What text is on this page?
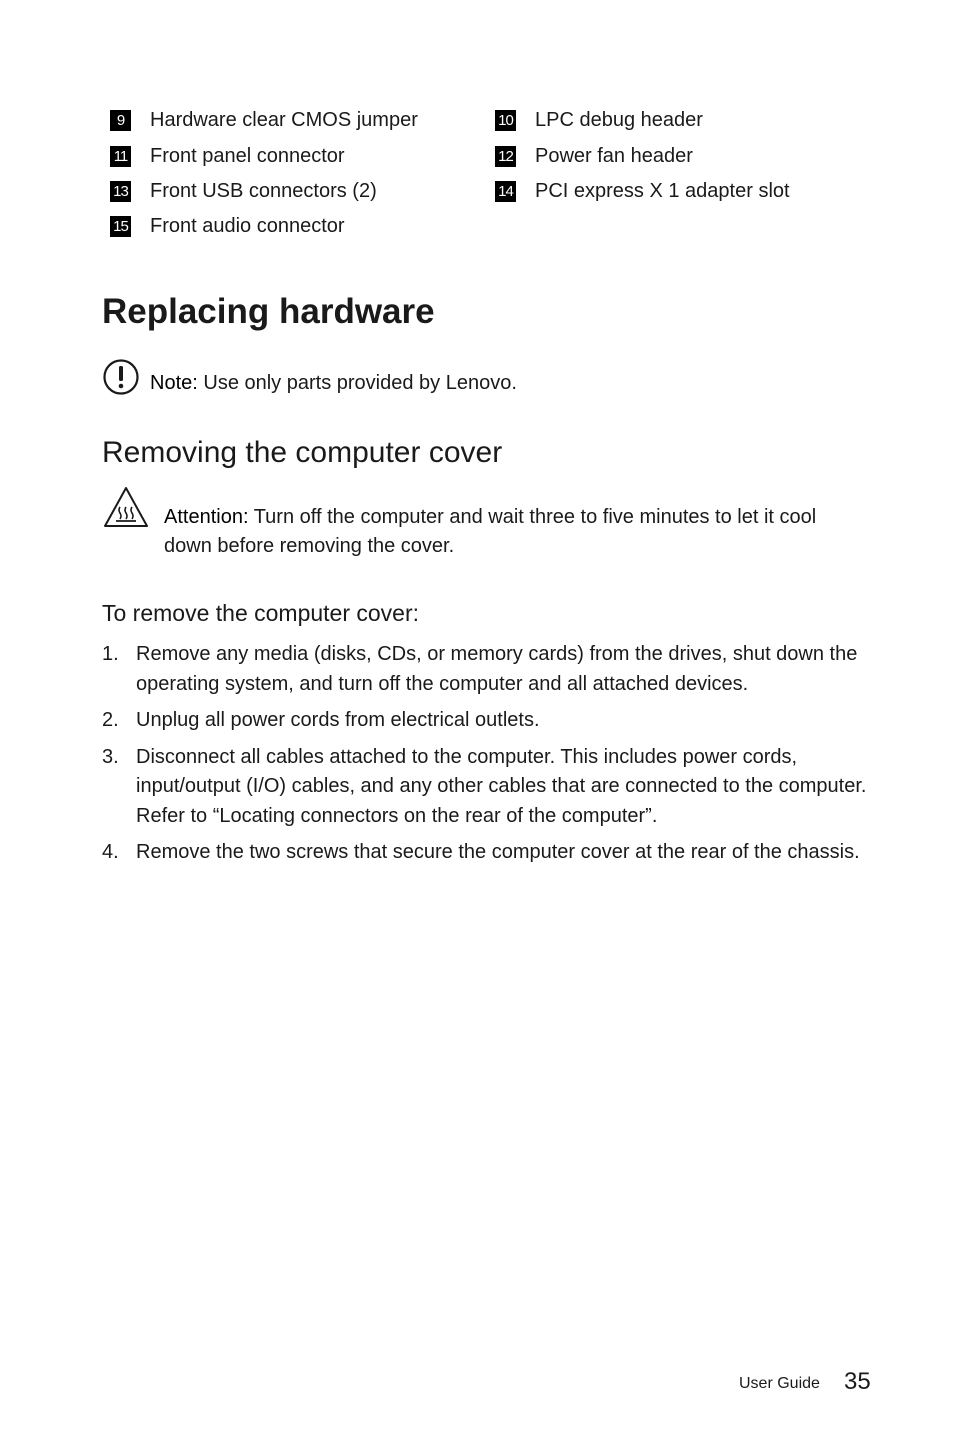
9	Hardware clear CMOS jumper	10 LPC debug header
11 Front panel connector	12 Power fan header
13 Front USB connectors (2)	14 PCI express X 1 adapter slot
15 Front audio connector
Replacing hardware
Note: Use only parts provided by Lenovo.
Removing the computer cover
Attention: Turn off the computer and wait three to five minutes to let it cool down before removing the cover.
To remove the computer cover:
1. Remove any media (disks, CDs, or memory cards) from the drives, shut down the operating system, and turn off the computer and all attached devices.
2. Unplug all power cords from electrical outlets.
3. Disconnect all cables attached to the computer. This includes power cords, input/output (I/O) cables, and any other cables that are connected to the computer. Refer to “Locating connectors on the rear of the computer”.
4. Remove the two screws that secure the computer cover at the rear of the chassis.
User Guide 35
